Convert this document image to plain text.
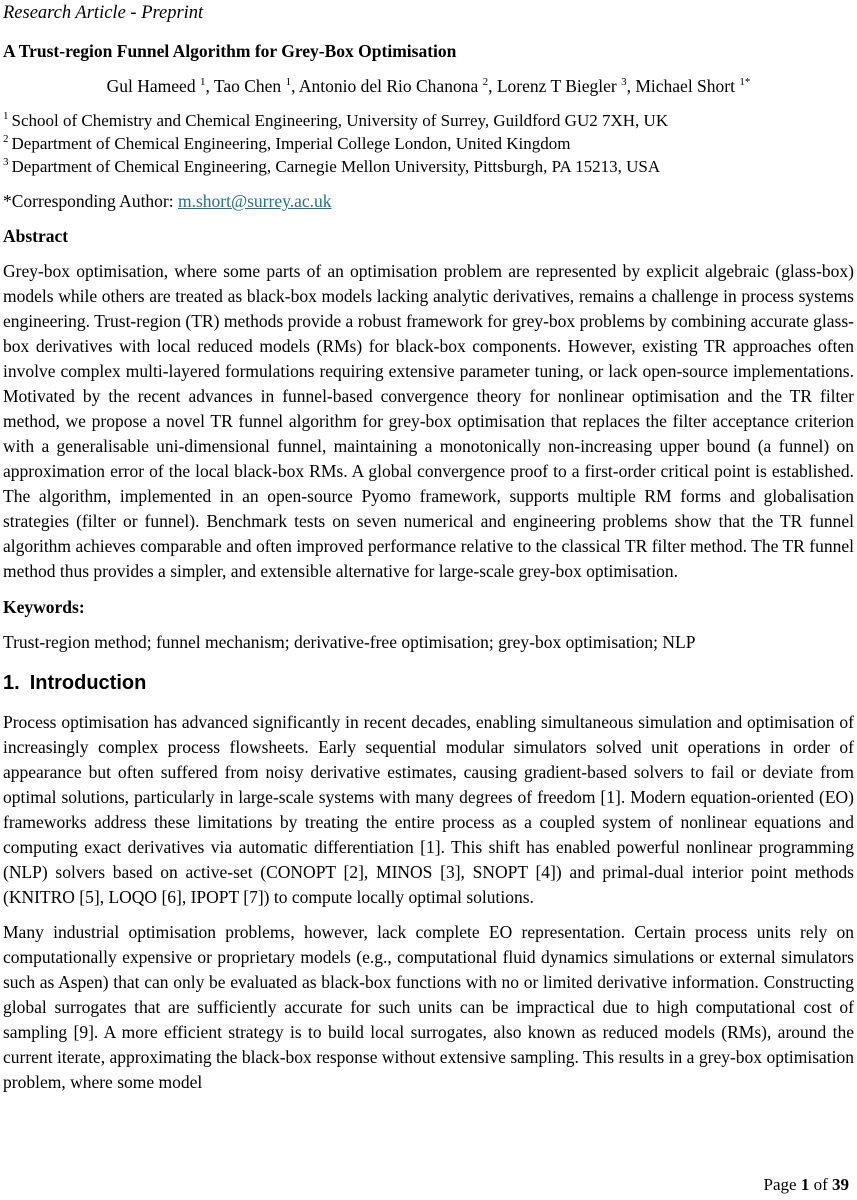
Research Article - Preprint
A Trust-region Funnel Algorithm for Grey-Box Optimisation
Gul Hameed $^1$, Tao Chen $^1$, Antonio del Rio Chanona $^2$, Lorenz T Biegler $^3$, Michael Short $^{1*}$
$^1$ School of Chemistry and Chemical Engineering, University of Surrey, Guildford GU2 7XH, UK
$^2$ Department of Chemical Engineering, Imperial College London, United Kingdom
$^3$ Department of Chemical Engineering, Carnegie Mellon University, Pittsburgh, PA 15213, USA
*Corresponding Author: m.short@surrey.ac.uk
Abstract
Grey-box optimisation, where some parts of an optimisation problem are represented by explicit algebraic (glass-box) models while others are treated as black-box models lacking analytic derivatives, remains a challenge in process systems engineering. Trust-region (TR) methods provide a robust framework for grey-box problems by combining accurate glass-box derivatives with local reduced models (RMs) for black-box components. However, existing TR approaches often involve complex multi-layered formulations requiring extensive parameter tuning, or lack open-source implementations. Motivated by the recent advances in funnel-based convergence theory for nonlinear optimisation and the TR filter method, we propose a novel TR funnel algorithm for grey-box optimisation that replaces the filter acceptance criterion with a generalisable uni-dimensional funnel, maintaining a monotonically non-increasing upper bound (a funnel) on approximation error of the local black-box RMs. A global convergence proof to a first-order critical point is established. The algorithm, implemented in an open-source Pyomo framework, supports multiple RM forms and globalisation strategies (filter or funnel). Benchmark tests on seven numerical and engineering problems show that the TR funnel algorithm achieves comparable and often improved performance relative to the classical TR filter method. The TR funnel method thus provides a simpler, and extensible alternative for large-scale grey-box optimisation.
Keywords:
Trust-region method; funnel mechanism; derivative-free optimisation; grey-box optimisation; NLP
1. Introduction
Process optimisation has advanced significantly in recent decades, enabling simultaneous simulation and optimisation of increasingly complex process flowsheets. Early sequential modular simulators solved unit operations in order of appearance but often suffered from noisy derivative estimates, causing gradient-based solvers to fail or deviate from optimal solutions, particularly in large-scale systems with many degrees of freedom [1]. Modern equation-oriented (EO) frameworks address these limitations by treating the entire process as a coupled system of nonlinear equations and computing exact derivatives via automatic differentiation [1]. This shift has enabled powerful nonlinear programming (NLP) solvers based on active-set (CONOPT [2], MINOS [3], SNOPT [4]) and primal-dual interior point methods (KNITRO [5], LOQO [6], IPOPT [7]) to compute locally optimal solutions.
Many industrial optimisation problems, however, lack complete EO representation. Certain process units rely on computationally expensive or proprietary models (e.g., computational fluid dynamics simulations or external simulators such as Aspen) that can only be evaluated as black-box functions with no or limited derivative information. Constructing global surrogates that are sufficiently accurate for such units can be impractical due to high computational cost of sampling [9]. A more efficient strategy is to build local surrogates, also known as reduced models (RMs), around the current iterate, approximating the black-box response without extensive sampling. This results in a grey-box optimisation problem, where some model
Page 1 of 39
